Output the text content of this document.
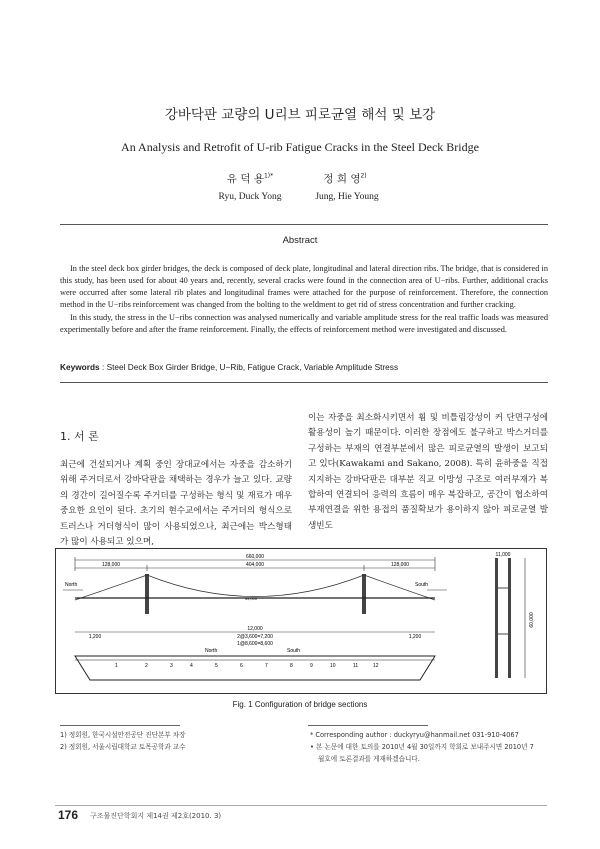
강바닥판 교량의 U리브 피로균열 해석 및 보강
An Analysis and Retrofit of U-rib Fatigue Cracks in the Steel Deck Bridge
유 덕 용$^{1)*}$	정 희 영$^{2)}$
Ryu, Duck Yong	Jung, Hie Young
Abstract

In the steel deck box girder bridges, the deck is composed of deck plate, longitudinal and lateral direction ribs. The bridge, that is considered in this study, has been used for about 40 years and, recently, several cracks were found in the connection area of U−ribs. Further, additional cracks were occurred after some lateral rib plates and longitudinal frames were attached for the purpose of reinforcement. Therefore, the connection method in the U−ribs reinforcement was changed from the bolting to the weldment to get rid of stress concentration and further cracking.

In this study, the stress in the U−ribs connection was analysed numerically and variable amplitude stress for the real traffic loads was measured experimentally before and after the frame reinforcement. Finally, the effects of reinforcement method were investigated and discussed.

Keywords : Steel Deck Box Girder Bridge, U−Rib, Fatigue Crack, Variable Amplitude Stress
1. 서 론

최근에 건설되거나 계획 중인 장대교에서는 자중을 감소하기 위해 주거더로서 강바닥판을 채택하는 경우가 늘고 있다. 교량의 경간이 길어질수록 주거더를 구성하는 형식 및 재료가 매우 중요한 요인이 된다. 초기의 현수교에서는 주거더의 형식으로 트러스나 거더형식이 많이 사용되었으나, 최근에는 박스형태가 많이 사용되고 있으며,

이는 자중을 최소화시키면서 휨 및 비틀림강성이 커 단면구성에 활용성이 높기 때문이다. 이러한 장점에도 불구하고 박스거더를 구성하는 부재의 연결부분에서 많은 피로균열의 발생이 보고되고 있다(Kawakami and Sakano, 2008). 특히 윤하중을 직접 지지하는 강바닥판은 대부분 직교 이방성 구조로 여러부재가 복합하여 연결되어 응력의 흐름이 매우 복잡하고, 공간이 협소하여 부재연결을 위한 용접의 품질확보가 용이하지 않아 피로균열 발생빈도

660,000
128,000	404,000	128,000
North	South
59,000
12,000
2@3,600=7,200
1@8,600=8,600
1,200	1,200
North	South
1	2	3	4	5	6	7	8	9	10	11	12
11,000
60,000
Fig. 1 Configuration of bridge sections
1) 정회원, 한국시설안전공단 진단본부 차장
2) 정회원, 서울시립대학교 토목공학과 교수
* Corresponding author : duckyryu@hanmail.net 031-910-4067
• 본 논문에 대한 토의를 2010년 4월 30일까지 학회로 보내주시면 2010년 7
월호에 토론결과를 게재하겠습니다.
176 구조물진단학회지 제14권 제2호(2010. 3)
